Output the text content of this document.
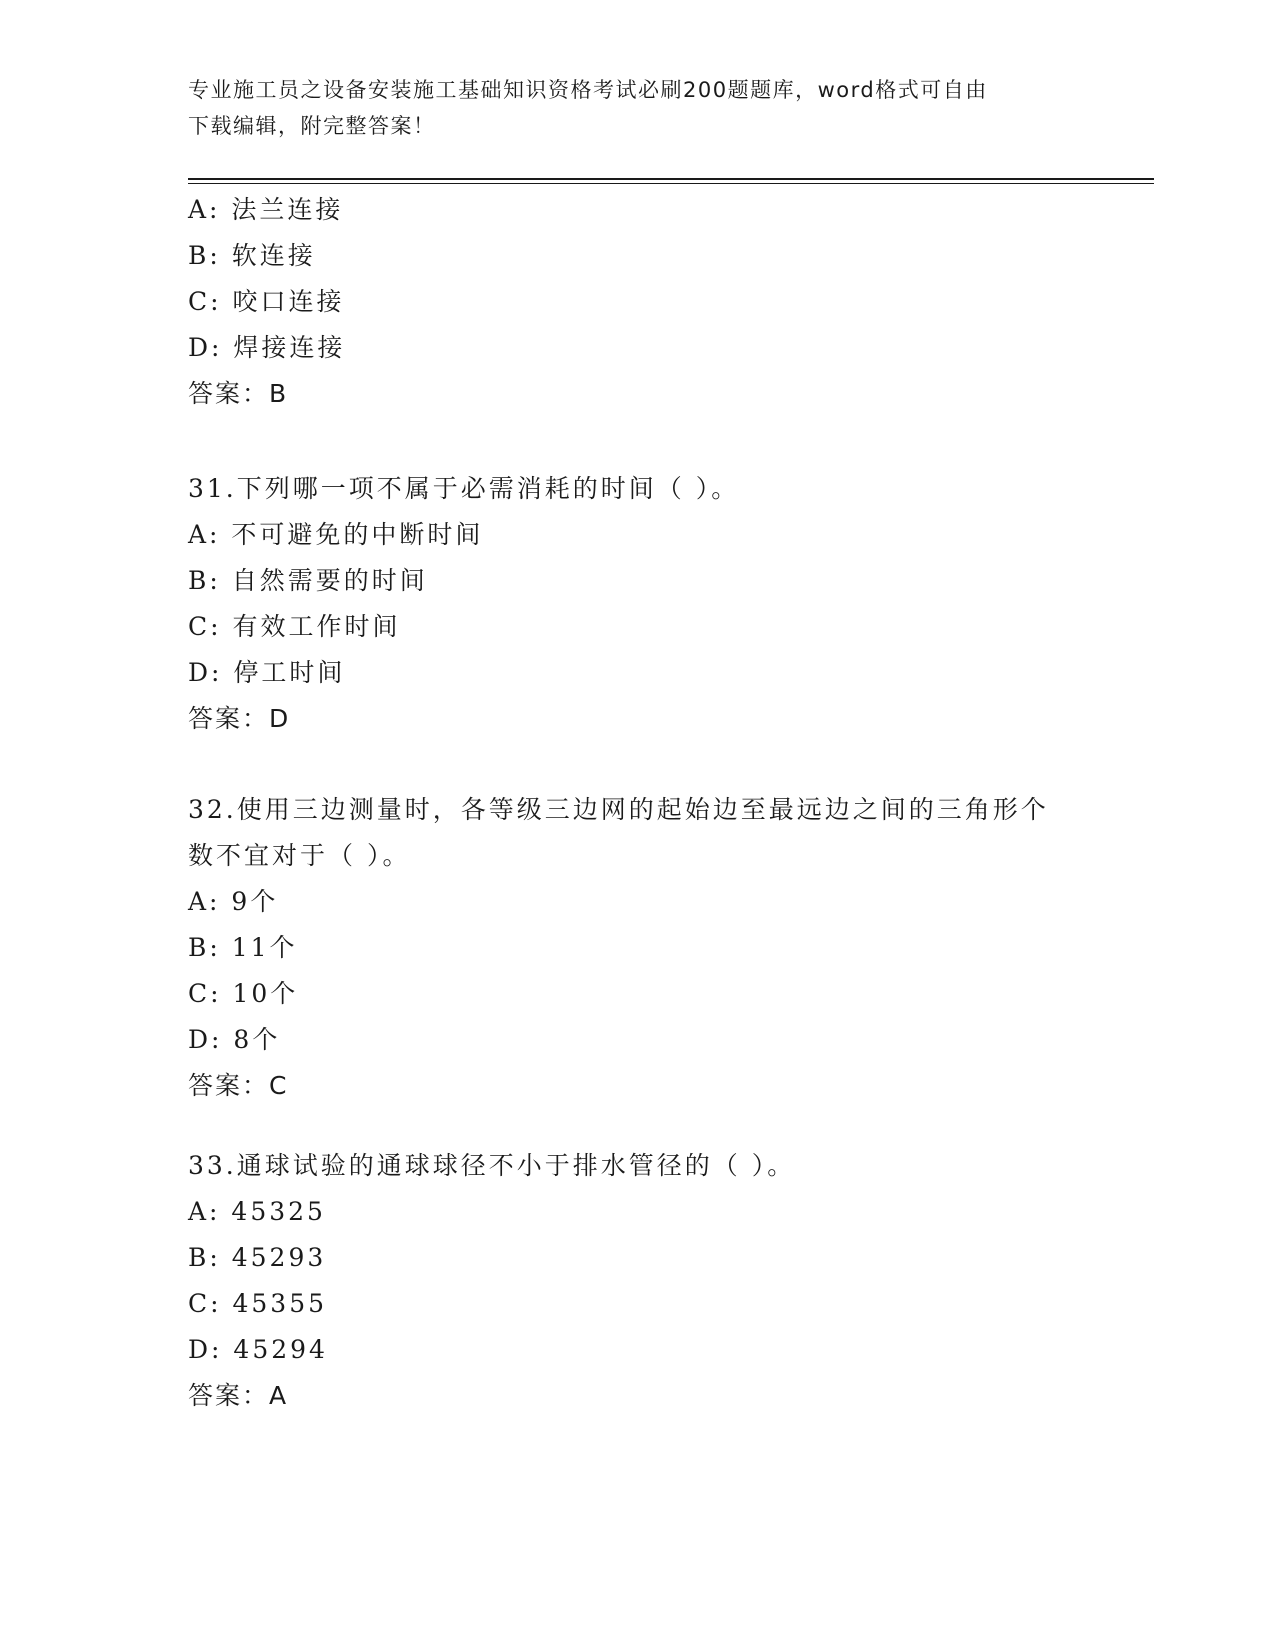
专业施工员之设备安装施工基础知识资格考试必刷200题题库，word格式可自由
下载编辑，附完整答案！
A: 法兰连接
B: 软连接
C: 咬口连接
D: 焊接连接
答案：B
31.下列哪一项不属于必需消耗的时间（ ）。
A: 不可避免的中断时间
B: 自然需要的时间
C: 有效工作时间
D: 停工时间
答案：D
32.使用三边测量时，各等级三边网的起始边至最远边之间的三角形个
数不宜对于（ ）。
A: 9个
B: 11个
C: 10个
D: 8个
答案：C
33.通球试验的通球球径不小于排水管径的（ ）。
A: 45325
B: 45293
C: 45355
D: 45294
答案：A
